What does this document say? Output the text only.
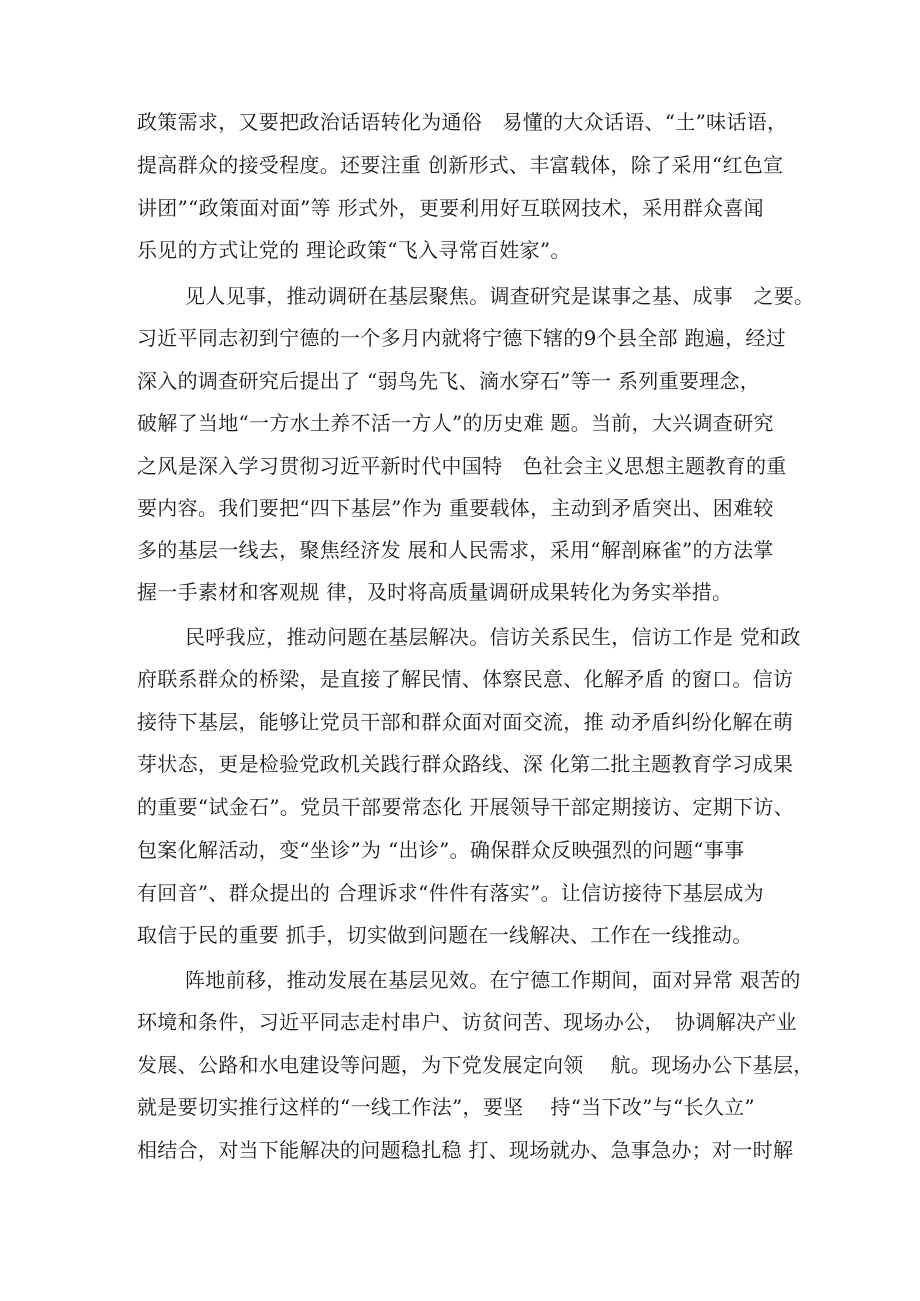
政策需求，又要把政治话语转化为通俗　易懂的大众话语、“土”味话语，
提高群众的接受程度。还要注重 创新形式、丰富载体，除了采用“红色宣
讲团”“政策面对面”等 形式外，更要利用好互联网技术，采用群众喜闻
乐见的方式让党的 理论政策“飞入寻常百姓家”。
见人见事，推动调研在基层聚焦。调查研究是谋事之基、成事　之要。
习近平同志初到宁德的一个多月内就将宁德下辖的9个县全部 跑遍，经过
深入的调查研究后提出了 “弱鸟先飞、滴水穿石”等一 系列重要理念，
破解了当地“一方水土养不活一方人”的历史难 题。当前，大兴调查研究
之风是深入学习贯彻习近平新时代中国特　色社会主义思想主题教育的重
要内容。我们要把“四下基层”作为 重要载体，主动到矛盾突出、困难较
多的基层一线去，聚焦经济发 展和人民需求，采用“解剖麻雀”的方法掌
握一手素材和客观规 律，及时将高质量调研成果转化为务实举措。
民呼我应，推动问题在基层解决。信访关系民生，信访工作是 党和政
府联系群众的桥梁，是直接了解民情、体察民意、化解矛盾 的窗口。信访
接待下基层，能够让党员干部和群众面对面交流，推 动矛盾纠纷化解在萌
芽状态，更是检验党政机关践行群众路线、深 化第二批主题教育学习成果
的重要“试金石”。党员干部要常态化 开展领导干部定期接访、定期下访、
包案化解活动，变“坐诊”为 “出诊”。确保群众反映强烈的问题“事事
有回音”、群众提出的 合理诉求“件件有落实”。让信访接待下基层成为
取信于民的重要 抓手，切实做到问题在一线解决、工作在一线推动。
阵地前移，推动发展在基层见效。在宁德工作期间，面对异常 艰苦的
环境和条件，习近平同志走村串户、访贫问苦、现场办公，　协调解决产业
发展、公路和水电建设等问题，为下党发展定向领　 航。现场办公下基层，
就是要切实推行这样的“一线工作法”，要坚　 持“当下改”与“长久立”
相结合，对当下能解决的问题稳扎稳 打、现场就办、急事急办；对一时解
